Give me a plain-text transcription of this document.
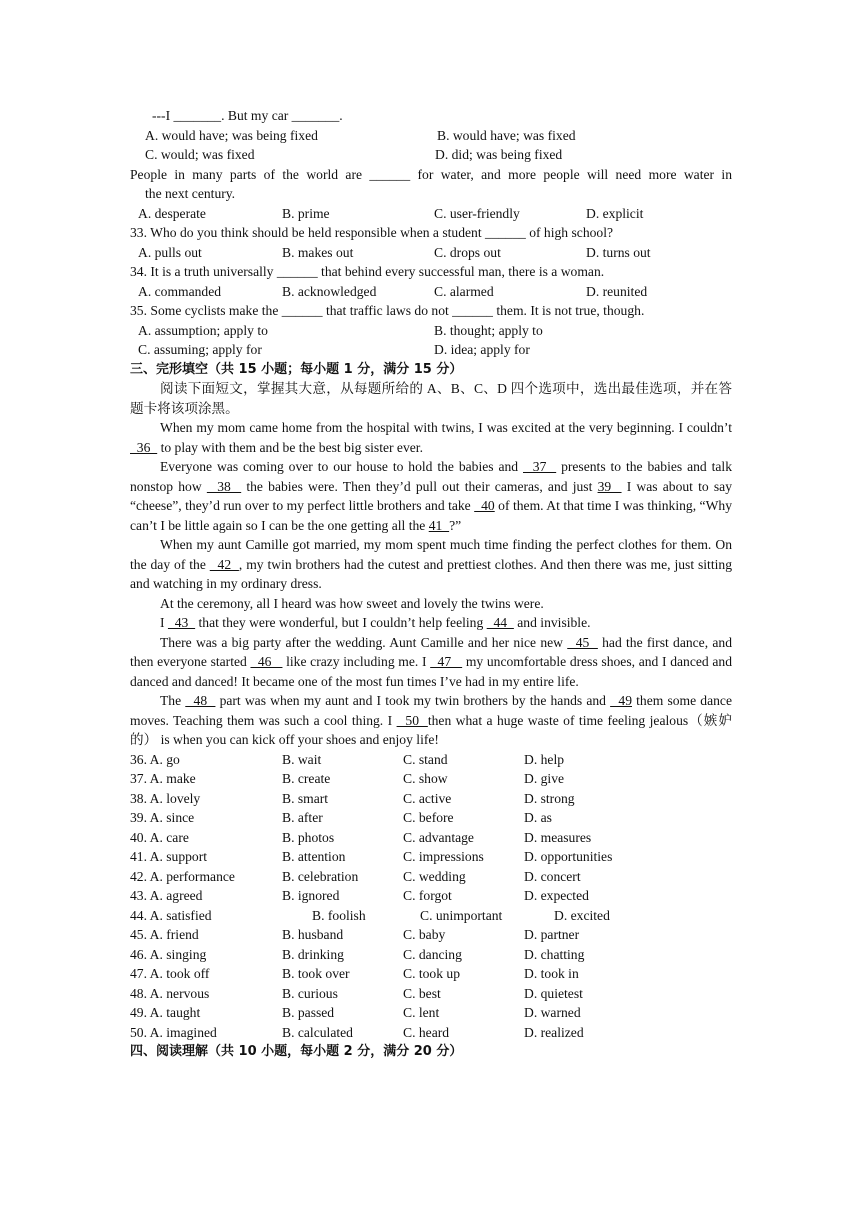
---I _______. But my car _______.
A. would have; was being fixed	B. would have; was fixed
C. would; was fixed	D. did; was being fixed
People in many parts of the world are ______ for water, and more people will need more water in
the next century.
A. desperate	B. prime	C. user-friendly	D. explicit
33. Who do you think should be held responsible when a student ______ of high school?
A. pulls out	B. makes out	C. drops out	D. turns out
34. It is a truth universally ______ that behind every successful man, there is a woman.
A. commanded	B. acknowledged	C. alarmed	D. reunited
35. Some cyclists make the ______ that traffic laws do not ______ them. It is not true, though.
A. assumption; apply to	B. thought; apply to
C. assuming; apply for	D. idea; apply for
三、完形填空（共 15 小题；每小题 1 分，满分 15 分）
阅读下面短文，掌握其大意，从每题所给的 A、B、C、D 四个选项中，选出最佳选项，并在答题卡将该项涂黑。
When my mom came home from the hospital with twins, I was excited at the very beginning. I couldn’t   36   to play with them and be the best big sister ever.
Everyone was coming over to our house to hold the babies and   37   presents to the babies and talk nonstop how   38   the babies were. Then they’d pull out their cameras, and just 39   I was about to say “cheese”, they’d run over to my perfect little brothers and take   40 of them. At that time I was thinking, “Why can’t I be little again so I can be the one getting all the 41  ?”
When my aunt Camille got married, my mom spent much time finding the perfect clothes for them. On the day of the   42  , my twin brothers had the cutest and prettiest clothes. And then there was me, just sitting and watching in my ordinary dress.
At the ceremony, all I heard was how sweet and lovely the twins were.
I   43   that they were wonderful, but I couldn’t help feeling   44   and invisible.
There was a big party after the wedding. Aunt Camille and her nice new   45   had the first dance, and then everyone started   46    like crazy including me. I   47    my uncomfortable dress shoes, and I danced and danced and danced! It became one of the most fun times I’ve had in my entire life.
The   48   part was when my aunt and I took my twin brothers by the hands and   49 them some dance moves. Teaching them was such a cool thing. I   50  then what a huge waste of time feeling jealous（嫉妒的） is when you can kick off your shoes and enjoy life!
36. A. go	B. wait	C. stand	D. help
37. A. make	B. create	C. show	D. give
38. A. lovely	B. smart	C. active	D. strong
39. A. since	B. after	C. before	D. as
40. A. care	B. photos	C. advantage	D. measures
41. A. support	B. attention	C. impressions	D. opportunities
42. A. performance	B. celebration	C. wedding	D. concert
43. A. agreed	B. ignored	C. forgot	D. expected
44. A. satisfied	B. foolish	C. unimportant	D. excited
45. A. friend	B. husband	C. baby	D. partner
46. A. singing	B. drinking	C. dancing	D. chatting
47. A. took off	B. took over	C. took up	D. took in
48. A. nervous	B. curious	C. best	D. quietest
49. A. taught	B. passed	C. lent	D. warned
50. A. imagined	B. calculated	C. heard	D. realized
四、阅读理解（共 10 小题，每小题 2 分，满分 20 分）
